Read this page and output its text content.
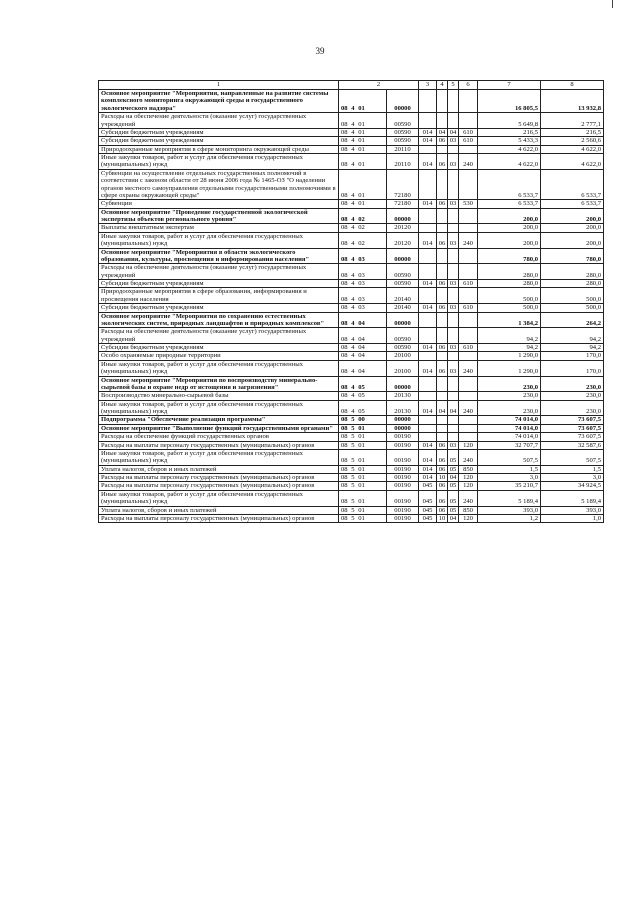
39
1	2		3	4	5	6	7	8
Основное мероприятие "Мероприятия, направленные на развитие системы комплексного мониторинга окружающей среды и государственного экологического надзора"	08 4 01	00000					16 805,5	13 932,8
Расходы на обеспечение деятельности (оказание услуг) государственных учреждений	08 4 01	00590					5 649,8	2 777,1
Субсидии бюджетным учреждениям	08 4 01	00590	014	04	04	610	216,5	216,5
Субсидии бюджетным учреждениям	08 4 01	00590	014	06	03	610	5 433,3	2 560,6
Природоохранные мероприятия в сфере мониторинга окружающей среды	08 4 01	20110					4 622,0	4 622,0
Иные закупки товаров, работ и услуг для обеспечения государственных (муниципальных) нужд	08 4 01	20110	014	06	03	240	4 622,0	4 622,0
Субвенции на осуществление отдельных государственных полномочий в соответствии с законом области от 28 июня 2006 года № 1465-ОЗ "О наделении органов местного самоуправления отдельными государственными полномочиями в сфере охраны окружающей среды"	08 4 01	72180					6 533,7	6 533,7
Субвенции	08 4 01	72180	014	06	03	530	6 533,7	6 533,7
Основное мероприятие "Проведение государственной экологической экспертизы объектов регионального уровня"	08 4 02	00000					200,0	200,0
Выплаты внештатным экспертам	08 4 02	20120					200,0	200,0
Иные закупки товаров, работ и услуг для обеспечения государственных (муниципальных) нужд	08 4 02	20120	014	06	03	240	200,0	200,0
Основное мероприятие "Мероприятия в области экологического образования, культуры, просвещения и информирования населения"	08 4 03	00000					780,0	780,0
Расходы на обеспечение деятельности (оказание услуг) государственных учреждений	08 4 03	00590					280,0	280,0
Субсидии бюджетным учреждениям	08 4 03	00590	014	06	03	610	280,0	280,0
Природоохранные мероприятия в сфере образования, информирования и просвещения населения	08 4 03	20140					500,0	500,0
Субсидии бюджетным учреждениям	08 4 03	20140	014	06	03	610	500,0	500,0
Основное мероприятие "Мероприятия по сохранению естественных экологических систем, природных ландшафтов и природных комплексов"	08 4 04	00000					1 384,2	264,2
Расходы на обеспечение деятельности (оказание услуг) государственных учреждений	08 4 04	00590					94,2	94,2
Субсидии бюджетным учреждениям	08 4 04	00590	014	06	03	610	94,2	94,2
Особо охраняемые природные территории	08 4 04	20100					1 290,0	170,0
Иные закупки товаров, работ и услуг для обеспечения государственных (муниципальных) нужд	08 4 04	20100	014	06	03	240	1 290,0	170,0
Основное мероприятие "Мероприятия по воспроизводству минерально-сырьевой базы и охране недр от истощения и загрязнения"	08 4 05	00000					230,0	230,0
Воспроизводство минерально-сырьевой базы	08 4 05	20130					230,0	230,0
Иные закупки товаров, работ и услуг для обеспечения государственных (муниципальных) нужд	08 4 05	20130	014	04	04	240	230,0	230,0
Подпрограмма "Обеспечение реализации программы"	08 5 00	00000					74 014,0	73 607,5
Основное мероприятие "Выполнение функций государственными органами"	08 5 01	00000					74 014,0	73 607,5
Расходы на обеспечение функций государственных органов	08 5 01	00190					74 014,0	73 607,5
Расходы на выплаты персоналу государственных (муниципальных) органов	08 5 01	00190	014	06	03	120	32 707,7	32 587,6
Иные закупки товаров, работ и услуг для обеспечения государственных (муниципальных) нужд	08 5 01	00190	014	06	05	240	507,5	507,5
Уплата налогов, сборов и иных платежей	08 5 01	00190	014	06	05	850	1,5	1,5
Расходы на выплаты персоналу государственных (муниципальных) органов	08 5 01	00190	014	10	04	120	3,0	3,0
Расходы на выплаты персоналу государственных (муниципальных) органов	08 5 01	00190	045	06	05	120	35 210,7	34 924,5
Иные закупки товаров, работ и услуг для обеспечения государственных (муниципальных) нужд	08 5 01	00190	045	06	05	240	5 189,4	5 189,4
Уплата налогов, сборов и иных платежей	08 5 01	00190	045	06	05	850	393,0	393,0
Расходы на выплаты персоналу государственных (муниципальных) органов	08 5 01	00190	045	10	04	120	1,2	1,0
